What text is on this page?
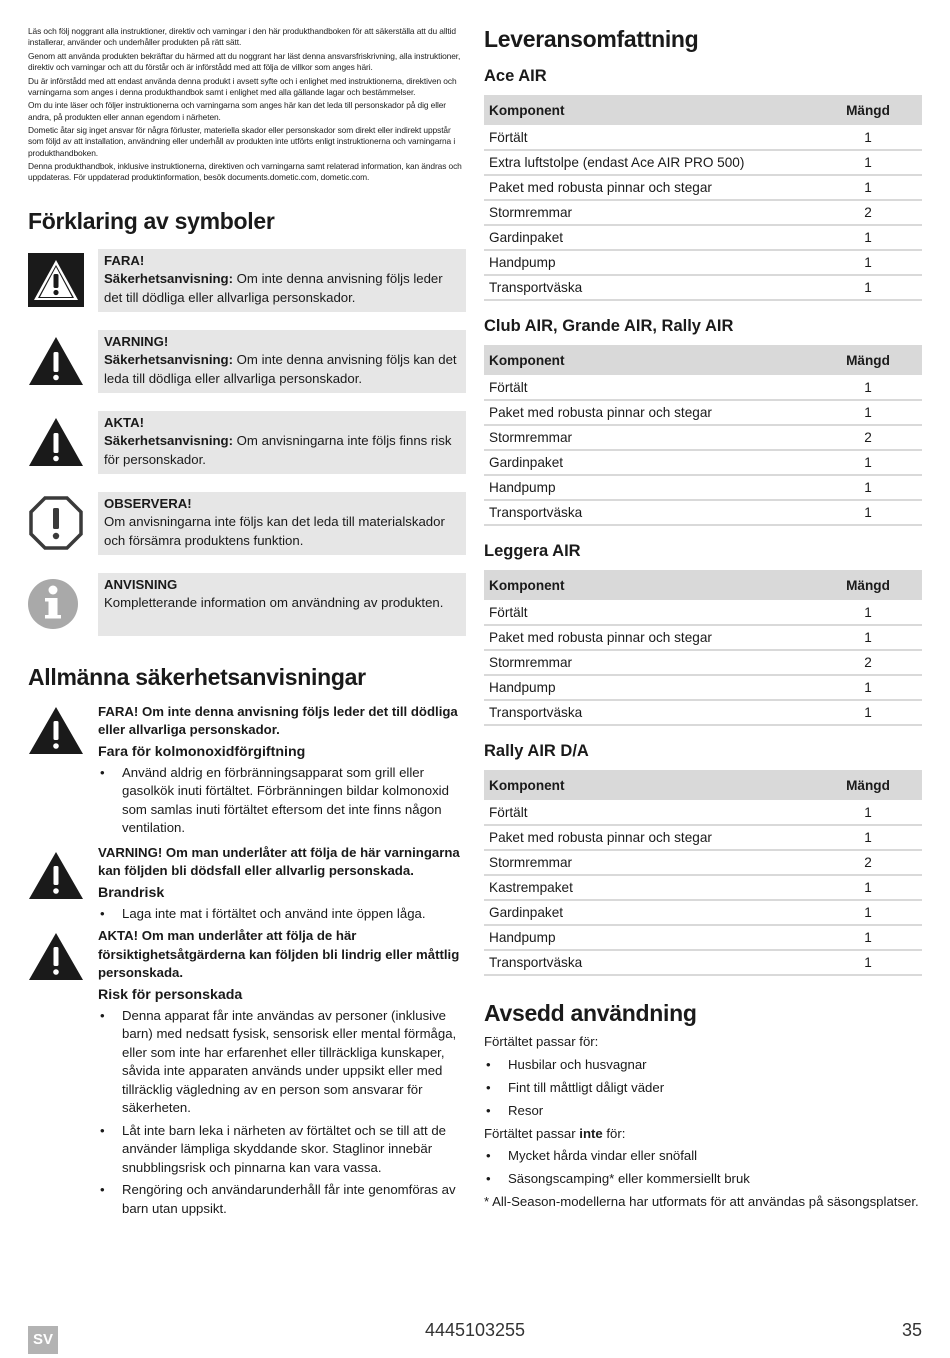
Läs och följ noggrant alla instruktioner, direktiv och varningar i den här produkthandboken för att säkerställa att du alltid installerar, använder och underhåller produkten på rätt sätt.

Genom att använda produkten bekräftar du härmed att du noggrant har läst denna ansvarsfriskrivning, alla instruktioner, direktiv och varningar och att du förstår och är införstådd med att följa de villkor som anges häri.

Du är införstådd med att endast använda denna produkt i avsett syfte och i enlighet med instruktionerna, direktiven och varningarna som anges i denna produkthandbok samt i enlighet med alla gällande lagar och bestämmelser.

Om du inte läser och följer instruktionerna och varningarna som anges här kan det leda till personskador på dig eller andra, på produkten eller annan egendom i närheten.

Dometic åtar sig inget ansvar för några förluster, materiella skador eller personskador som direkt eller indirekt uppstår som följd av att installation, användning eller underhåll av produkten inte utförts enligt instruktionerna och varningarna i produkthandboken.

Denna produkthandbok, inklusive instruktionerna, direktiven och varningarna samt relaterad information, kan ändras och uppdateras. För uppdaterad produktinformation, besök documents.dometic.com, dometic.com.

Förklaring av symboler
FARA!
Säkerhetsanvisning: Om inte denna anvisning följs leder det till dödliga eller allvarliga personskador.
VARNING!
Säkerhetsanvisning: Om inte denna anvisning följs kan det leda till dödliga eller allvarliga personskador.
AKTA!
Säkerhetsanvisning: Om anvisningarna inte följs finns risk för personskador.
OBSERVERA!
Om anvisningarna inte följs kan det leda till materialskador och försämra produktens funktion.
ANVISNING
Kompletterande information om användning av produkten.
Allmänna säkerhetsanvisningar
FARA! Om inte denna anvisning följs leder det till dödliga eller allvarliga personskador.
Fara för kolmonoxidförgiftning
• Använd aldrig en förbränningsapparat som grill eller gasolkök inuti förtältet. Förbränningen bildar kolmonoxid som samlas inuti förtältet eftersom det inte finns någon ventilation.
VARNING! Om man underlåter att följa de här varningarna kan följden bli dödsfall eller allvarlig personskada.
Brandrisk
• Laga inte mat i förtältet och använd inte öppen låga.
AKTA! Om man underlåter att följa de här försiktighetsåtgärderna kan följden bli lindrig eller måttlig personskada.
Risk för personskada
• Denna apparat får inte användas av personer (inklusive barn) med nedsatt fysisk, sensorisk eller mental förmåga, eller som inte har erfarenhet eller tillräckliga kunskaper, såvida inte apparaten används under uppsikt eller med tillräcklig vägledning av en person som ansvarar för säkerheten.
• Låt inte barn leka i närheten av förtältet och se till att de använder lämpliga skyddande skor. Staglinor innebär snubblingsrisk och pinnarna kan vara vassa.
• Rengöring och användarunderhåll får inte genomföras av barn utan uppsikt.
Leveransomfattning
Ace AIR
Komponent	Mängd
Förtält	1
Extra luftstolpe (endast Ace AIR PRO 500)	1
Paket med robusta pinnar och stegar	1
Stormremmar	2
Gardinpaket	1
Handpump	1
Transportväska	1
Club AIR, Grande AIR, Rally AIR
Komponent	Mängd
Förtält	1
Paket med robusta pinnar och stegar	1
Stormremmar	2
Gardinpaket	1
Handpump	1
Transportväska	1
Leggera AIR
Komponent	Mängd
Förtält	1
Paket med robusta pinnar och stegar	1
Stormremmar	2
Handpump	1
Transportväska	1
Rally AIR D/A
Komponent	Mängd
Förtält	1
Paket med robusta pinnar och stegar	1
Stormremmar	2
Kastrempaket	1
Gardinpaket	1
Handpump	1
Transportväska	1
Avsedd användning

Förtältet passar för:

• Husbilar och husvagnar
• Fint till måttligt dåligt väder
• Resor

Förtältet passar inte för:

• Mycket hårda vindar eller snöfall
• Säsongscamping* eller kommersiellt bruk

* All-Season-modellerna har utformats för att användas på säsongsplatser.

SV	4445103255	35
